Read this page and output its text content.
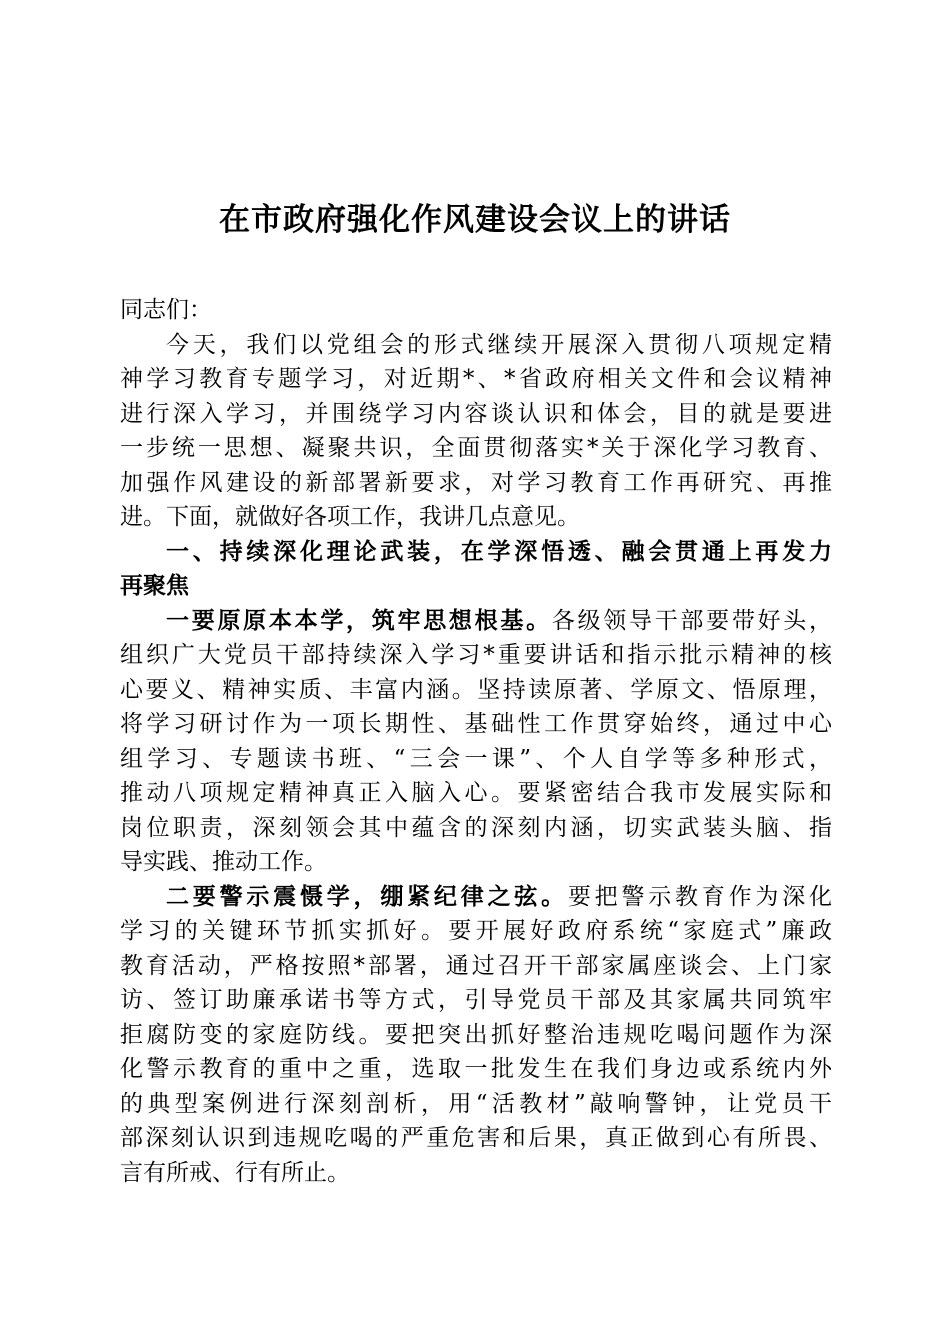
在市政府强化作风建设会议上的讲话
同志们：
今天，我们以党组会的形式继续开展深入贯彻八项规定精
神学习教育专题学习，对近期*、*省政府相关文件和会议精神
进行深入学习，并围绕学习内容谈认识和体会，目的就是要进
一步统一思想、凝聚共识，全面贯彻落实*关于深化学习教育、
加强作风建设的新部署新要求，对学习教育工作再研究、再推
进。下面，就做好各项工作，我讲几点意见。
一、持续深化理论武装，在学深悟透、融会贯通上再发力
再聚焦
一要原原本本学，筑牢思想根基。各级领导干部要带好头，
组织广大党员干部持续深入学习*重要讲话和指示批示精神的核
心要义、精神实质、丰富内涵。坚持读原著、学原文、悟原理，
将学习研讨作为一项长期性、基础性工作贯穿始终，通过中心
组学习、专题读书班、“三会一课”、个人自学等多种形式，
推动八项规定精神真正入脑入心。要紧密结合我市发展实际和
岗位职责，深刻领会其中蕴含的深刻内涵，切实武装头脑、指
导实践、推动工作。
二要警示震慑学，绷紧纪律之弦。要把警示教育作为深化
学习的关键环节抓实抓好。要开展好政府系统“家庭式”廉政
教育活动，严格按照*部署，通过召开干部家属座谈会、上门家
访、签订助廉承诺书等方式，引导党员干部及其家属共同筑牢
拒腐防变的家庭防线。要把突出抓好整治违规吃喝问题作为深
化警示教育的重中之重，选取一批发生在我们身边或系统内外
的典型案例进行深刻剖析，用“活教材”敲响警钟，让党员干
部深刻认识到违规吃喝的严重危害和后果，真正做到心有所畏、
言有所戒、行有所止。
